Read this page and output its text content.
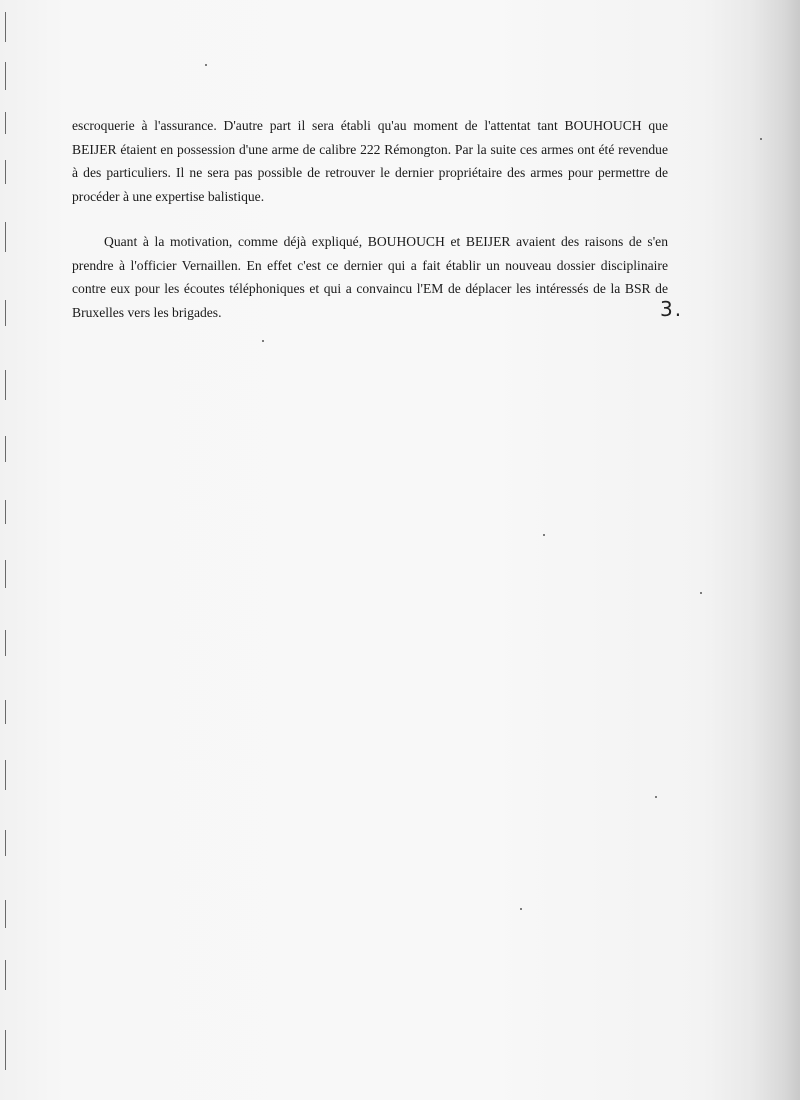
escroquerie à l'assurance. D'autre part il sera établi qu'au moment de l'attentat tant BOUHOUCH que BEIJER étaient en possession d'une arme de calibre 222 Rémongton. Par la suite ces armes ont été revendue à des particuliers. Il ne sera pas possible de retrouver le dernier propriétaire des armes pour permettre de procéder à une expertise balistique.

Quant à la motivation, comme déjà expliqué, BOUHOUCH et BEIJER avaient des raisons de s'en prendre à l'officier Vernaillen. En effet c'est ce dernier qui a fait établir un nouveau dossier disciplinaire contre eux pour les écoutes téléphoniques et qui a convaincu l'EM de déplacer les intéressés de la BSR de Bruxelles vers les brigades.	3.
